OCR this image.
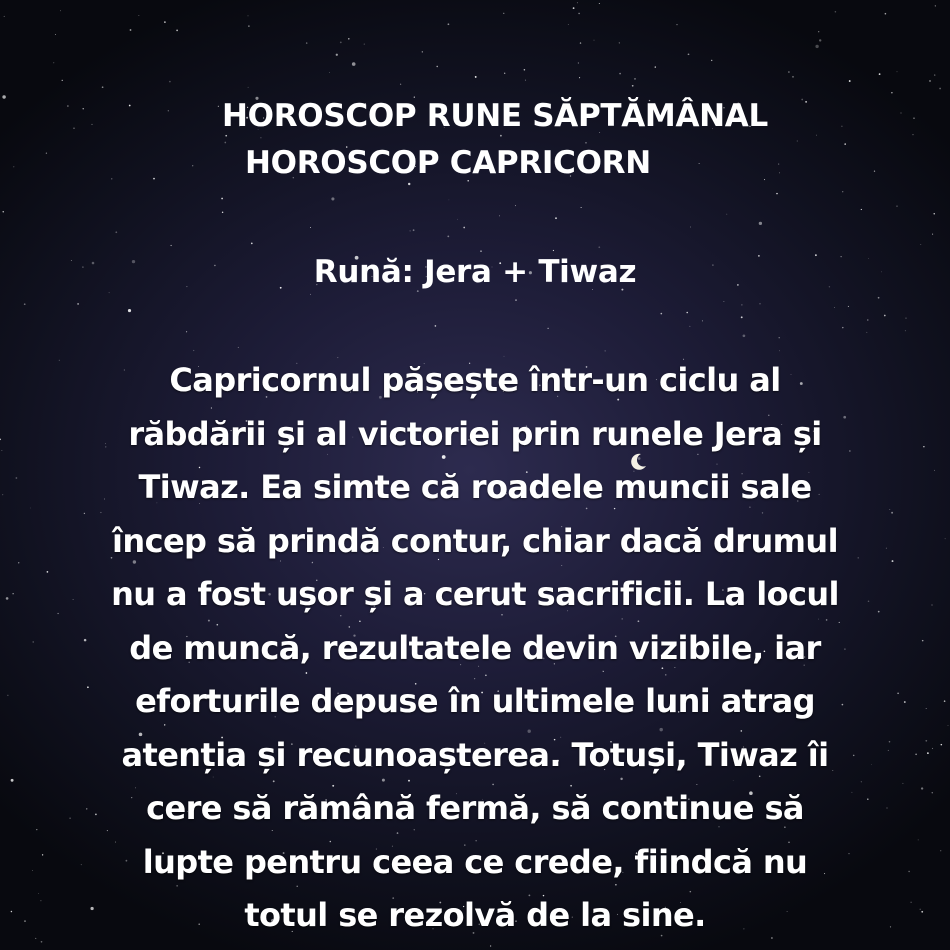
HOROSCOP RUNE SĂPTĂMÂNAL
HOROSCOP CAPRICORN
Rună: Jera + Tiwaz

Capricornul pășește într-un ciclu al
răbdării și al victoriei prin runele Jera și
Tiwaz. Ea simte că roadele muncii sale
încep să prindă contur, chiar dacă drumul
nu a fost ușor și a cerut sacrificii. La locul
de muncă, rezultatele devin vizibile, iar
eforturile depuse în ultimele luni atrag
atenția și recunoașterea. Totuși, Tiwaz îi
cere să rămână fermă, să continue să
lupte pentru ceea ce crede, fiindcă nu
totul se rezolvă de la sine.
